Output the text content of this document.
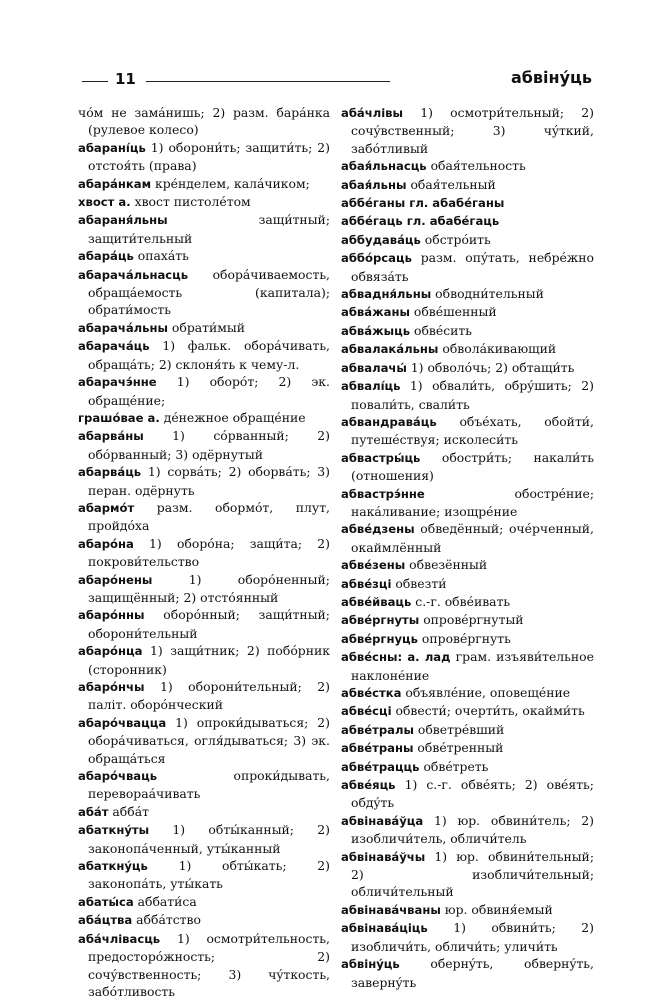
11	абвінýць

чóм не замáнишь; 2) разм. барáнка (рулевое колесо)

абаранíць 1) оборони́ть; защити́ть; 2) отстоя́ть (права)

абарáнкам кре́нделем, калáчиком;

хвост а. хвост пистолéтом

абараня́льны	защи́тный; защити́тельный

абарáць опахáть

абарачáльнасць оборáчиваемость, обращáемость (капитала); обрати́мость

абарачáльны обрати́мый

абарачáць 1) фальк. оборáчивать, обращáть; 2) склоня́ть к чему-л.

абарачэ́нне 1) оборóт; 2) эк. обращéние;

грашóвае а. дéнежное обращéние

абарвáны 1) сóрванный; 2) обóрванный; 3) одёрнутый

абарвáць 1) сорвáть; 2) оборвáть; 3) перан. одёрнуть

абармóт разм. обормóт, плут, пройдóха

абарóна 1) оборóна; защи́та; 2) покрови́тельство

абарóнены	1) оборóненный; защищённый; 2) отстóянный

абарóнны оборóнный; защи́тный; оборони́тельный

абарóнца 1) защи́тник; 2) побóрник (сторонник)

абарóнчы 1) оборони́тельный; 2) палiт. оборóнческий

абарóчвацца 1) опроки́дываться; 2) оборáчиваться, огля́дываться; 3) эк. обращáться

абарóчваць	опроки́дывать, перевораáчивать

абáт аббáт

абаткнýты 1) обты́канный; 2) законопáченный, уты́канный

абаткнýць 1) обты́кать; 2) законопáть, уты́кать

абаты́са аббати́са

абáцтва аббáтство

абáчлівасць 1) осмотри́тельность, предосторóжность; 2) сочýвственность; 3) чýткость, забóтливость

абáчлівы 1) осмотри́тельный; 2) сочýвственный; 3) чýткий, забóтливый

абая́льнасць обая́тельность

абая́льны обая́тельный

аббéганы гл. абабéганы

аббéгаць гл. абабéгаць

аббудавáць обстрóить

аббóрсаць разм. опýтать, небрéжно обвязáть

абвадня́льны обводни́тельный

абвáжаны обвéшенный

абвáжыць обвéсить

абвалакáльны обволáкивающий

абвалачы́ 1) обволóчь; 2) обтащи́ть

абвалíць 1) обвали́ть, обрýшить; 2) повали́ть, свали́ть

абвандравáць объéхать, обойти́, путешéствуя; исколеси́ть

абвастры́ць обостри́ть; накали́ть (отношения)

абвастрэ́нне	обострéние; накáливание; изощрéние

абвéдзены обведённый; очéрченный, окаймлённый

абвéзены обвезённый

абвéзці обвезти́

абвéйваць с.-г. обвéивать

абвéргнуты опровéргнутый

абвéргнуць опровéргнуть

абвéсны: а. лад грам. изъяви́тельное наклонéние

абвéстка объявлéние, оповещéние

абвéсці обвести́; очерти́ть, окайми́ть

абвéтралы обветрéвший

абвéтраны обвéтренный

абвéтрацць обвéтреть

абвéяць 1) с.-г. обвéять; 2) овéять; обдýть

абвінавáўца 1) юр. обвини́тель; 2) изобличи́тель, обличи́тель

абвінавáўчы 1) юр. обвини́тельный; 2) изобличи́тельный; обличи́тельный

абвінавáчваны юр. обвиня́емый

абвінавáціць 1) обвини́ть; 2) изобличи́ть, обличи́ть; уличи́ть

абвінýць обернýть, обвернýть, завернýть
